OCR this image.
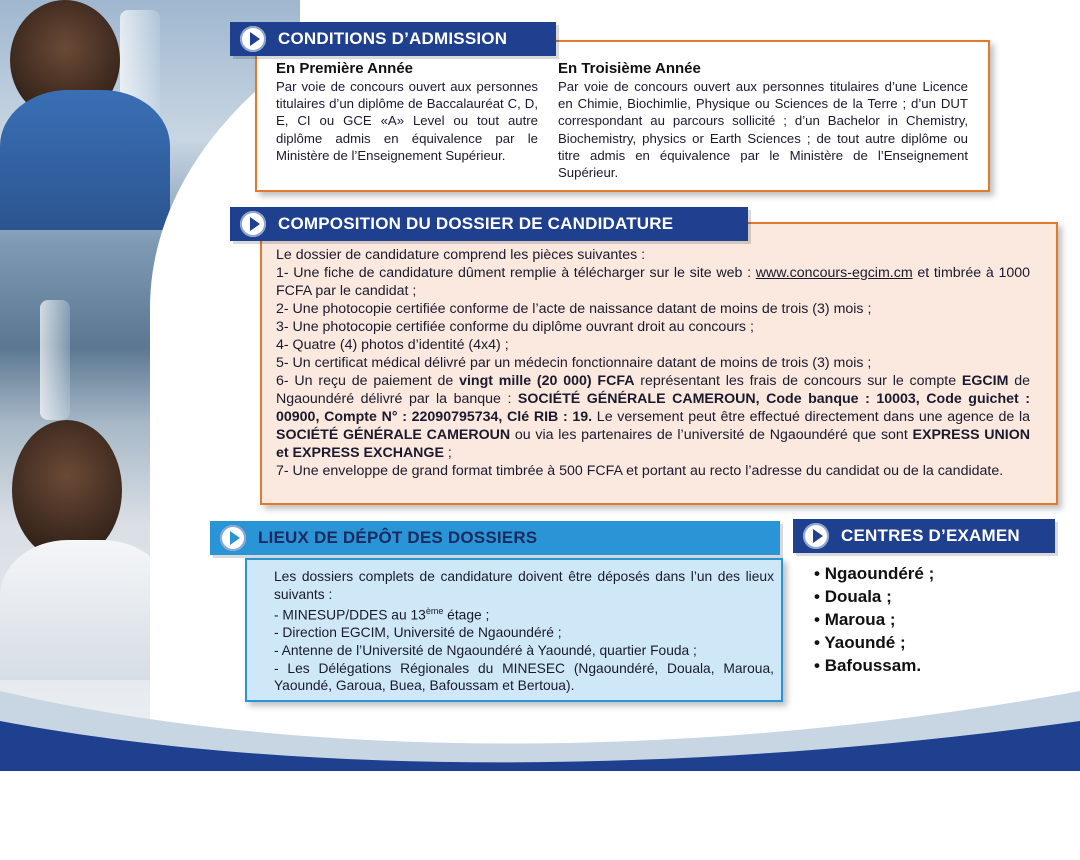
CONDITIONS D’ADMISSION
En Première Année
Par voie de concours ouvert aux personnes titulaires d’un diplôme de Baccalauréat C, D, E, CI ou GCE «A» Level ou tout autre diplôme admis en équivalence par le Ministère de l’Enseignement Supérieur.
En Troisième Année
Par voie de concours ouvert aux personnes titulaires d’une Licence en Chimie, Biochimlie, Physique ou Sciences de la Terre ; d’un DUT correspondant au parcours sollicité ; d’un Bachelor in Chemistry, Biochemistry, physics or Earth Sciences ; de tout autre diplôme ou titre admis en équivalence par le Ministère de l’Enseignement Supérieur.
COMPOSITION DU DOSSIER DE CANDIDATURE

Le dossier de candidature comprend les pièces suivantes :

1- Une fiche de candidature dûment remplie à télécharger sur le site web : www.concours-egcim.cm et timbrée à 1000 FCFA par le candidat ;

2- Une photocopie certifiée conforme de l’acte de naissance datant de moins de trois (3) mois ;

3- Une photocopie certifiée conforme du diplôme ouvrant droit au concours ;

4- Quatre (4) photos d’identité (4x4) ;

5- Un certificat médical délivré par un médecin fonctionnaire datant de moins de trois (3) mois ;

6- Un reçu de paiement de vingt mille (20 000) FCFA représentant les frais de concours sur le compte EGCIM de Ngaoundéré délivré par la banque : SOCIÉTÉ GÉNÉRALE CAMEROUN, Code banque : 10003, Code guichet : 00900, Compte N° : 22090795734, Clé RIB : 19. Le versement peut être effectué directement dans une agence de la SOCIÉTÉ GÉNÉRALE CAMEROUN ou via les partenaires de l’université de Ngaoundéré que sont EXPRESS UNION et EXPRESS EXCHANGE ;

7- Une enveloppe de grand format timbrée à 500 FCFA et portant au recto l’adresse du candidat ou de la candidate.

LIEUX DE DÉPÔT DES DOSSIERS

Les dossiers complets de candidature doivent être déposés dans l’un des lieux suivants :

- MINESUP/DDES au 13ème étage ;

- Direction EGCIM, Université de Ngaoundéré ;

- Antenne de l’Université de Ngaoundéré à Yaoundé, quartier Fouda ;

- Les Délégations Régionales du MINESEC (Ngaoundéré, Douala, Maroua, Yaoundé, Garoua, Buea, Bafoussam et Bertoua).

CENTRES D’EXAMEN
• Ngaoundéré ;
• Douala ;
• Maroua ;
• Yaoundé ;
• Bafoussam.
